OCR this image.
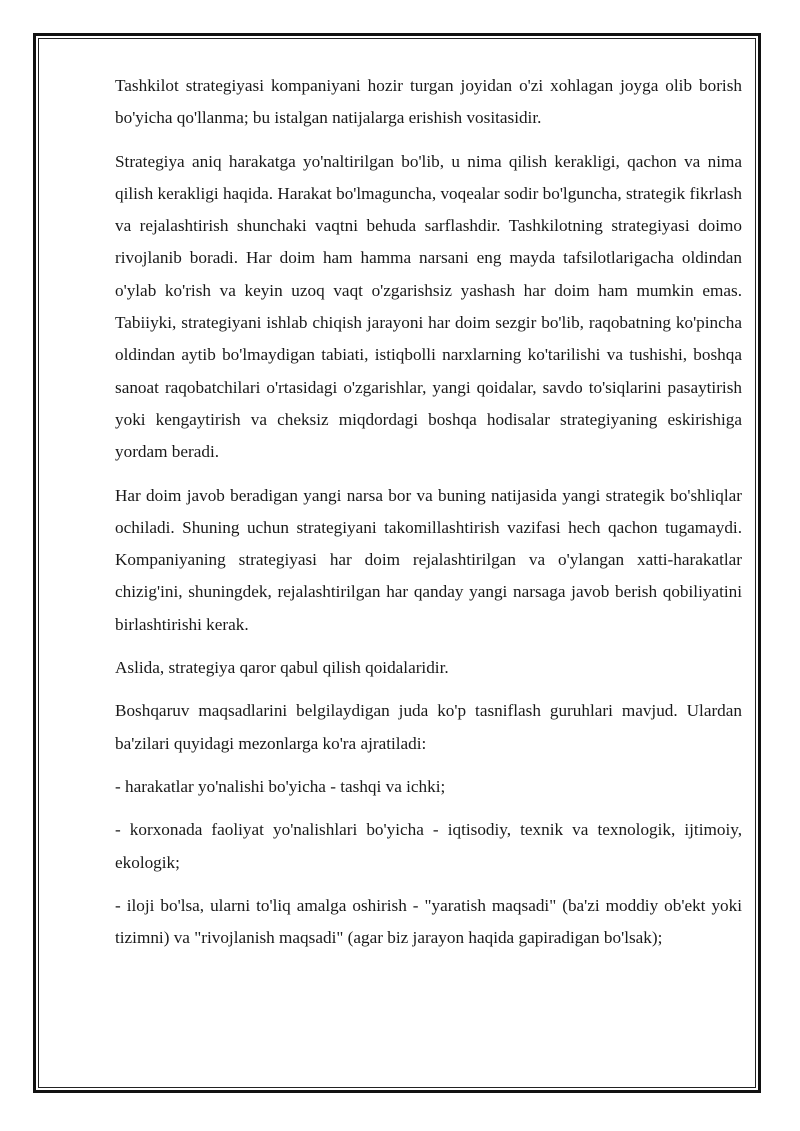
Tashkilot strategiyasi kompaniyani hozir turgan joyidan o'zi xohlagan joyga olib borish bo'yicha qo'llanma; bu istalgan natijalarga erishish vositasidir.

Strategiya aniq harakatga yo'naltirilgan bo'lib, u nima qilish kerakligi, qachon va nima qilish kerakligi haqida. Harakat bo'lmaguncha, voqealar sodir bo'lguncha, strategik fikrlash va rejalashtirish shunchaki vaqtni behuda sarflashdir. Tashkilotning strategiyasi doimo rivojlanib boradi. Har doim ham hamma narsani eng mayda tafsilotlarigacha oldindan o'ylab ko'rish va keyin uzoq vaqt o'zgarishsiz yashash har doim ham mumkin emas. Tabiiyki, strategiyani ishlab chiqish jarayoni har doim sezgir bo'lib, raqobatning ko'pincha oldindan aytib bo'lmaydigan tabiati, istiqbolli narxlarning ko'tarilishi va tushishi, boshqa sanoat raqobatchilari o'rtasidagi o'zgarishlar, yangi qoidalar, savdo to'siqlarini pasaytirish yoki kengaytirish va cheksiz miqdordagi boshqa hodisalar strategiyaning eskirishiga yordam beradi.

Har doim javob beradigan yangi narsa bor va buning natijasida yangi strategik bo'shliqlar ochiladi. Shuning uchun strategiyani takomillashtirish vazifasi hech qachon tugamaydi. Kompaniyaning strategiyasi har doim rejalashtirilgan va o'ylangan xatti-harakatlar chizig'ini, shuningdek, rejalashtirilgan har qanday yangi narsaga javob berish qobiliyatini birlashtirishi kerak.

Aslida, strategiya qaror qabul qilish qoidalaridir.

Boshqaruv maqsadlarini belgilaydigan juda ko'p tasniflash guruhlari mavjud. Ulardan ba'zilari quyidagi mezonlarga ko'ra ajratiladi:

- harakatlar yo'nalishi bo'yicha - tashqi va ichki;

- korxonada faoliyat yo'nalishlari bo'yicha - iqtisodiy, texnik va texnologik, ijtimoiy, ekologik;

- iloji bo'lsa, ularni to'liq amalga oshirish - "yaratish maqsadi" (ba'zi moddiy ob'ekt yoki tizimni) va "rivojlanish maqsadi" (agar biz jarayon haqida gapiradigan bo'lsak);
